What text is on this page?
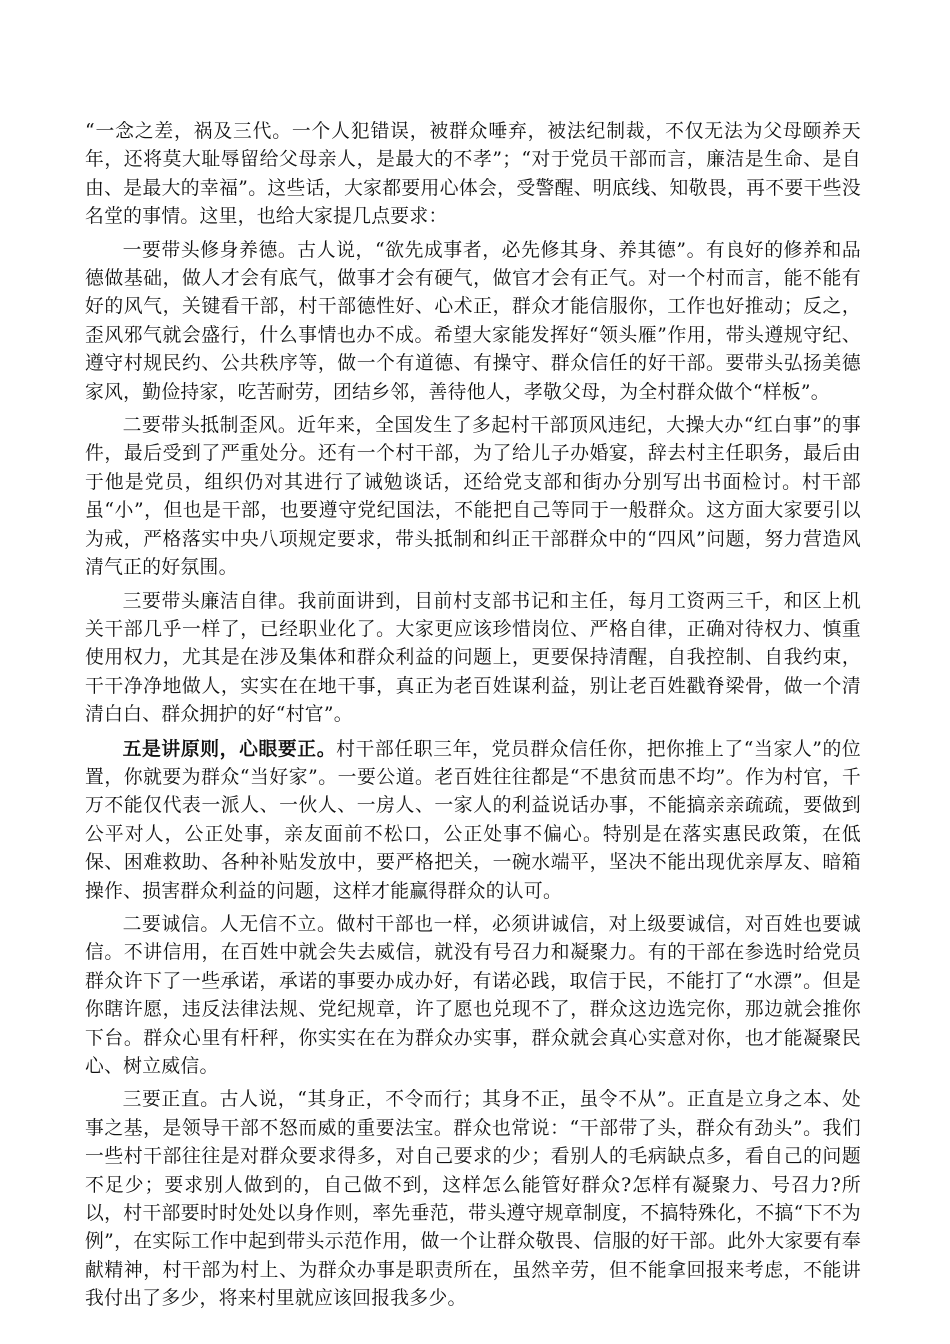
“一念之差，祸及三代。一个人犯错误，被群众唾弃，被法纪制裁，不仅无法为父母颐养天年，还将莫大耻辱留给父母亲人，是最大的不孝”；“对于党员干部而言，廉洁是生命、是自由、是最大的幸福”。这些话，大家都要用心体会，受警醒、明底线、知敬畏，再不要干些没名堂的事情。这里，也给大家提几点要求：

一要带头修身养德。古人说，“欲先成事者，必先修其身、养其德”。有良好的修养和品德做基础，做人才会有底气，做事才会有硬气，做官才会有正气。对一个村而言，能不能有好的风气，关键看干部，村干部德性好、心术正，群众才能信服你，工作也好推动；反之，歪风邪气就会盛行，什么事情也办不成。希望大家能发挥好“领头雁”作用，带头遵规守纪、遵守村规民约、公共秩序等，做一个有道德、有操守、群众信任的好干部。要带头弘扬美德家风，勤俭持家，吃苦耐劳，团结乡邻，善待他人，孝敬父母，为全村群众做个“样板”。

二要带头抵制歪风。近年来，全国发生了多起村干部顶风违纪，大操大办“红白事”的事件，最后受到了严重处分。还有一个村干部，为了给儿子办婚宴，辞去村主任职务，最后由于他是党员，组织仍对其进行了诫勉谈话，还给党支部和街办分别写出书面检讨。村干部虽“小”，但也是干部，也要遵守党纪国法，不能把自己等同于一般群众。这方面大家要引以为戒，严格落实中央八项规定要求，带头抵制和纠正干部群众中的“四风”问题，努力营造风清气正的好氛围。

三要带头廉洁自律。我前面讲到，目前村支部书记和主任，每月工资两三千，和区上机关干部几乎一样了，已经职业化了。大家更应该珍惜岗位、严格自律，正确对待权力、慎重使用权力，尤其是在涉及集体和群众利益的问题上，更要保持清醒，自我控制、自我约束，干干净净地做人，实实在在地干事，真正为老百姓谋利益，别让老百姓戳脊梁骨，做一个清清白白、群众拥护的好“村官”。

五是讲原则，心眼要正。村干部任职三年，党员群众信任你，把你推上了“当家人”的位置，你就要为群众“当好家”。一要公道。老百姓往往都是“不患贫而患不均”。作为村官，千万不能仅代表一派人、一伙人、一房人、一家人的利益说话办事，不能搞亲亲疏疏，要做到公平对人，公正处事，亲友面前不松口，公正处事不偏心。特别是在落实惠民政策，在低保、困难救助、各种补贴发放中，要严格把关，一碗水端平，坚决不能出现优亲厚友、暗箱操作、损害群众利益的问题，这样才能赢得群众的认可。

二要诚信。人无信不立。做村干部也一样，必须讲诚信，对上级要诚信，对百姓也要诚信。不讲信用，在百姓中就会失去威信，就没有号召力和凝聚力。有的干部在参选时给党员群众许下了一些承诺，承诺的事要办成办好，有诺必践，取信于民，不能打了“水漂”。但是你瞎许愿，违反法律法规、党纪规章，许了愿也兑现不了，群众这边选完你，那边就会推你下台。群众心里有杆秤，你实实在在为群众办实事，群众就会真心实意对你，也才能凝聚民心、树立威信。

三要正直。古人说，“其身正，不令而行；其身不正，虽令不从”。正直是立身之本、处事之基，是领导干部不怒而威的重要法宝。群众也常说：“干部带了头，群众有劲头”。我们一些村干部往往是对群众要求得多，对自己要求的少；看别人的毛病缺点多，看自己的问题不足少；要求别人做到的，自己做不到，这样怎么能管好群众?怎样有凝聚力、号召力?所以，村干部要时时处处以身作则，率先垂范，带头遵守规章制度，不搞特殊化，不搞“下不为例”，在实际工作中起到带头示范作用，做一个让群众敬畏、信服的好干部。此外大家要有奉献精神，村干部为村上、为群众办事是职责所在，虽然辛劳，但不能拿回报来考虑，不能讲我付出了多少，将来村里就应该回报我多少。
